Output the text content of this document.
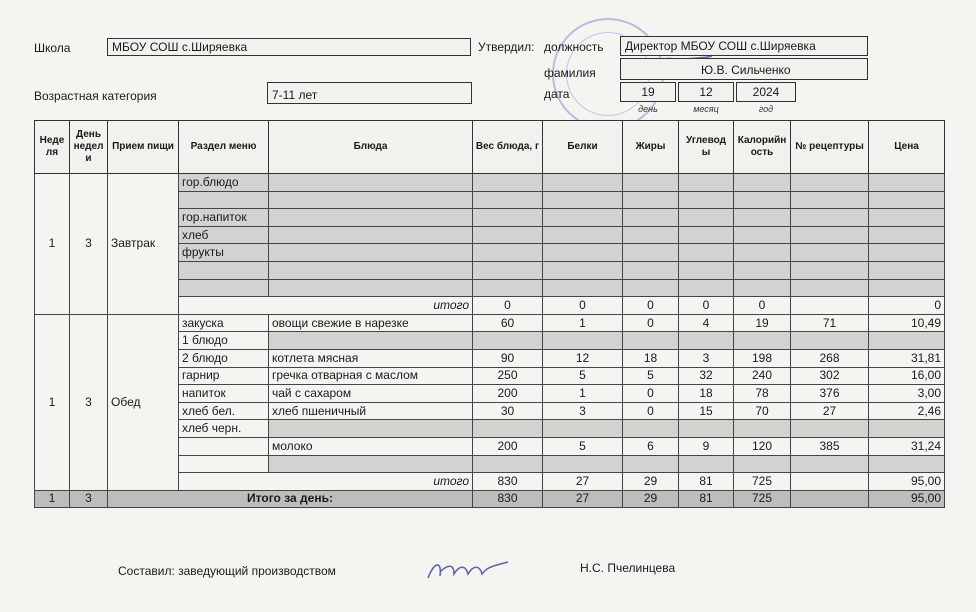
Школа	МБОУ СОШ с.Ширяевка
Возрастная категория	7-11 лет
Утвердил: должность	Директор МБОУ СОШ с.Ширяевка
фамилия	Ю.В. Сильченко
дата	19	12	2024
день	месяц	год
Неде ля	День недел и	Прием пищи	Раздел меню	Блюда	Вес блюда, г	Белки	Жиры	Углевод ы	Калорийн ость	№ рецептуры	Цена
1	3	Завтрак	гор.блюдо								

			гор.напиток								
			хлеб								
			фрукты								

			итого		0	0	0	0	0		0
1	3	Обед	закуска	овощи свежие в нарезке	60	1	0	4	19	71	10,49
			1 блюдо								
			2 блюдо	котлета мясная	90	12	18	3	198	268	31,81
			гарнир	гречка отварная с маслом	250	5	5	32	240	302	16,00
			напиток	чай с сахаром	200	1	0	18	78	376	3,00
			хлеб бел.	хлеб пшеничный	30	3	0	15	70	27	2,46
			хлеб черн.								
				молоко	200	5	6	9	120	385	31,24

			итого		830	27	29	81	725		95,00
1	3	Итого за день:			830	27	29	81	725		95,00
Составил: заведующий производством	Н.С. Пчелинцева
